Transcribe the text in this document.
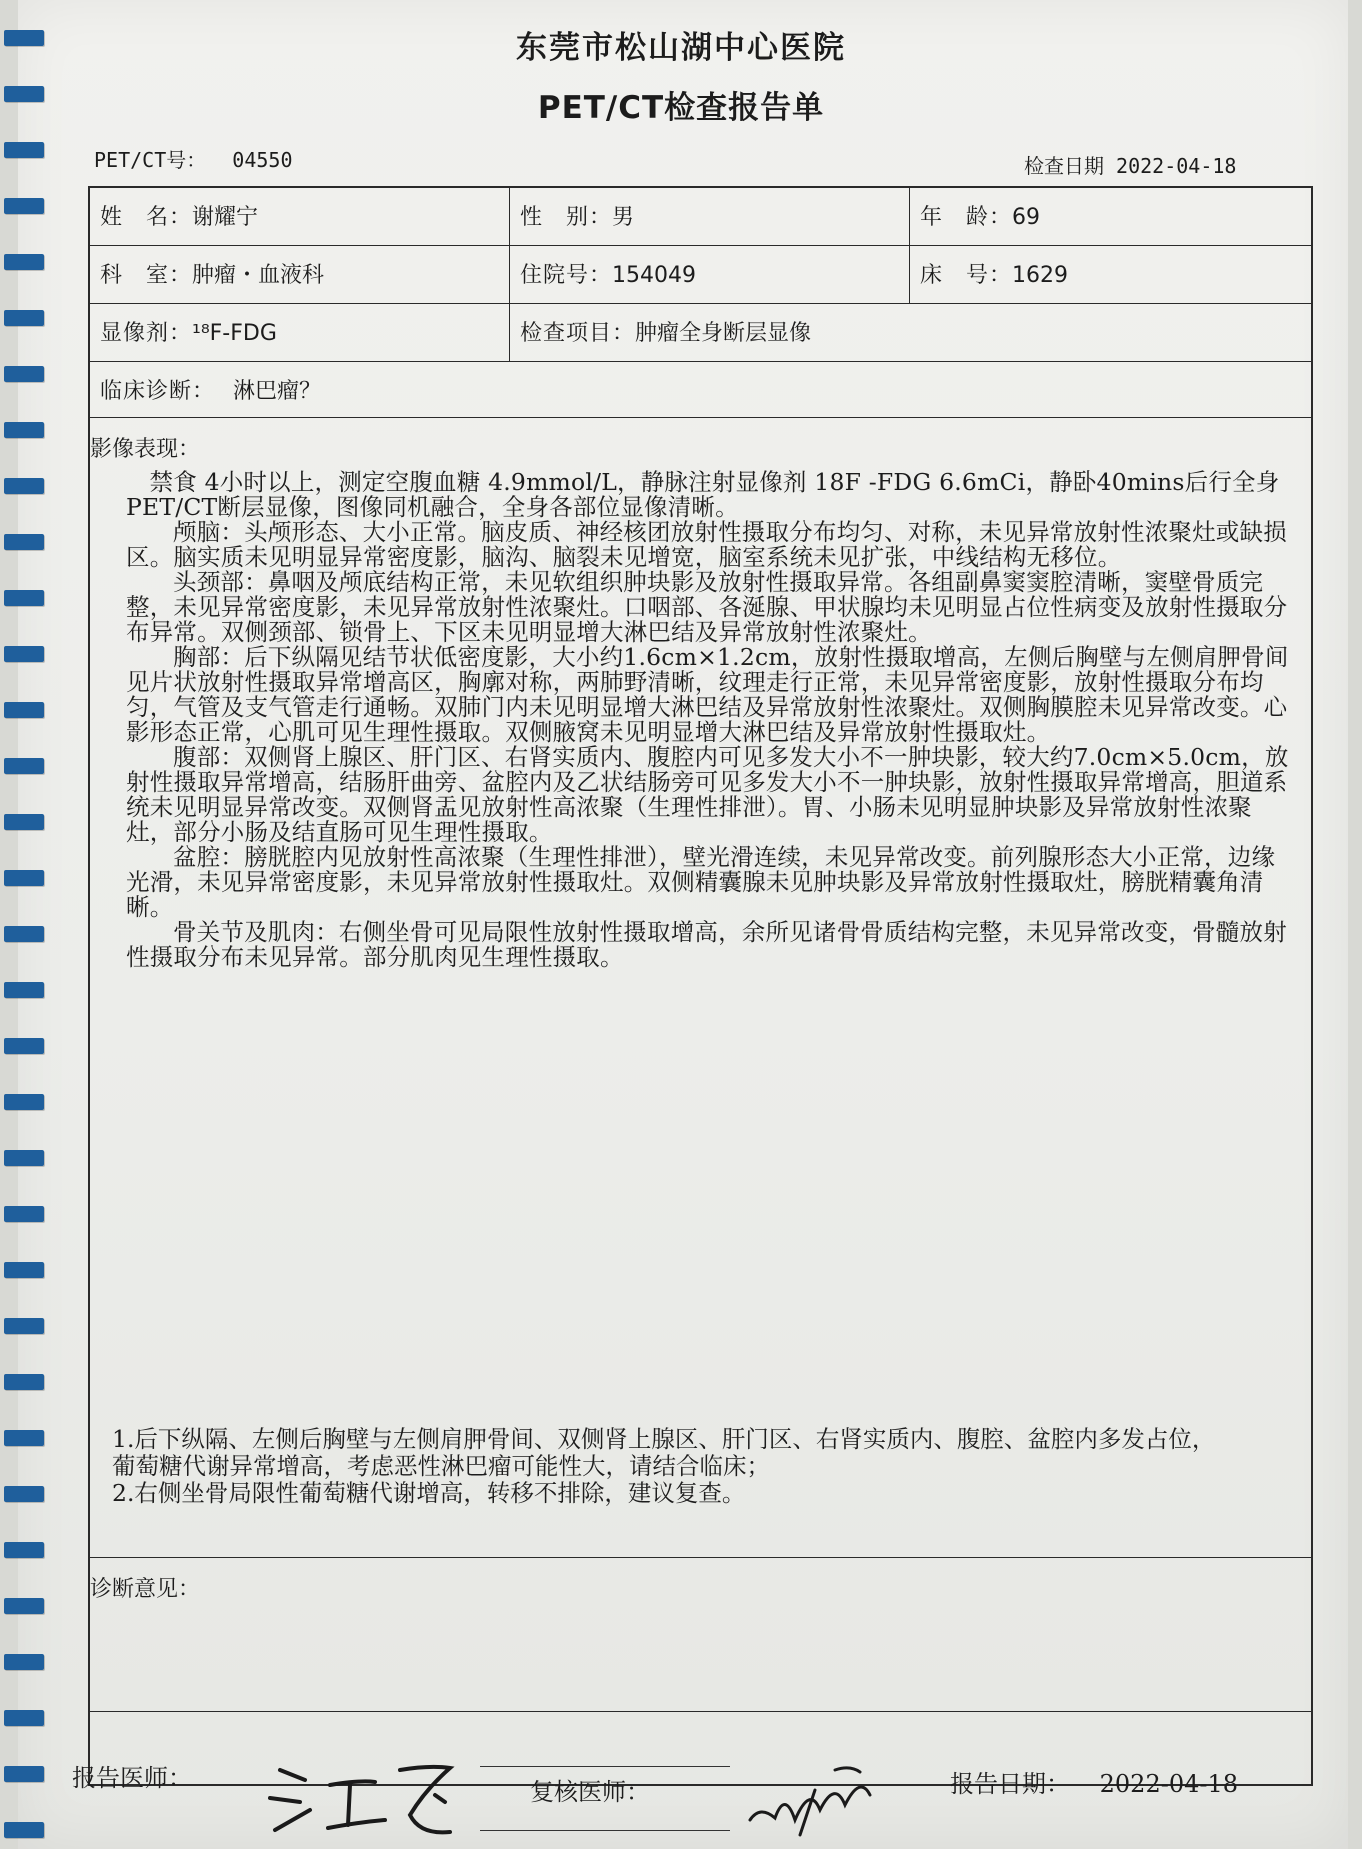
东莞市松山湖中心医院
PET/CT检查报告单
PET/CT号： 04550	检查日期 2022-04-18
姓　名：谢耀宁	性　别：男	年　龄：69
科　室：肿瘤・血液科	住院号：154049	床　号：1629
显像剂：¹⁸F-FDG	检查项目：肿瘤全身断层显像
临床诊断： 淋巴瘤？
影像表现：
诊断意见：

禁食 4小时以上，测定空腹血糖 4.9mmol/L，静脉注射显像剂 18F -FDG 6.6mCi，静卧40mins后行全身 PET/CT断层显像，图像同机融合，全身各部位显像清晰。

颅脑：头颅形态、大小正常。脑皮质、神经核团放射性摄取分布均匀、对称，未见异常放射性浓聚灶或缺损区。脑实质未见明显异常密度影，脑沟、脑裂未见增宽，脑室系统未见扩张，中线结构无移位。

头颈部：鼻咽及颅底结构正常，未见软组织肿块影及放射性摄取异常。各组副鼻窦窦腔清晰，窦壁骨质完整，未见异常密度影，未见异常放射性浓聚灶。口咽部、各涎腺、甲状腺均未见明显占位性病变及放射性摄取分布异常。双侧颈部、锁骨上、下区未见明显增大淋巴结及异常放射性浓聚灶。

胸部：后下纵隔见结节状低密度影，大小约1.6cm×1.2cm，放射性摄取增高，左侧后胸壁与左侧肩胛骨间见片状放射性摄取异常增高区，胸廓对称，两肺野清晰，纹理走行正常，未见异常密度影，放射性摄取分布均匀，气管及支气管走行通畅。双肺门内未见明显增大淋巴结及异常放射性浓聚灶。双侧胸膜腔未见异常改变。心影形态正常，心肌可见生理性摄取。双侧腋窝未见明显增大淋巴结及异常放射性摄取灶。

腹部：双侧肾上腺区、肝门区、右肾实质内、腹腔内可见多发大小不一肿块影，较大约7.0cm×5.0cm，放射性摄取异常增高，结肠肝曲旁、盆腔内及乙状结肠旁可见多发大小不一肿块影，放射性摄取异常增高，胆道系统未见明显异常改变。双侧肾盂见放射性高浓聚（生理性排泄）。胃、小肠未见明显肿块影及异常放射性浓聚灶，部分小肠及结直肠可见生理性摄取。

盆腔：膀胱腔内见放射性高浓聚（生理性排泄），壁光滑连续，未见异常改变。前列腺形态大小正常，边缘光滑，未见异常密度影，未见异常放射性摄取灶。双侧精囊腺未见肿块影及异常放射性摄取灶，膀胱精囊角清晰。

骨关节及肌肉：右侧坐骨可见局限性放射性摄取增高，余所见诸骨骨质结构完整，未见异常改变，骨髓放射性摄取分布未见异常。部分肌肉见生理性摄取。

1.后下纵隔、左侧后胸壁与左侧肩胛骨间、双侧肾上腺区、肝门区、右肾实质内、腹腔、盆腔内多发占位，葡萄糖代谢异常增高，考虑恶性淋巴瘤可能性大，请结合临床；

2.右侧坐骨局限性葡萄糖代谢增高，转移不排除，建议复查。

报告医师：	复核医师：	报告日期： 2022-04-18
